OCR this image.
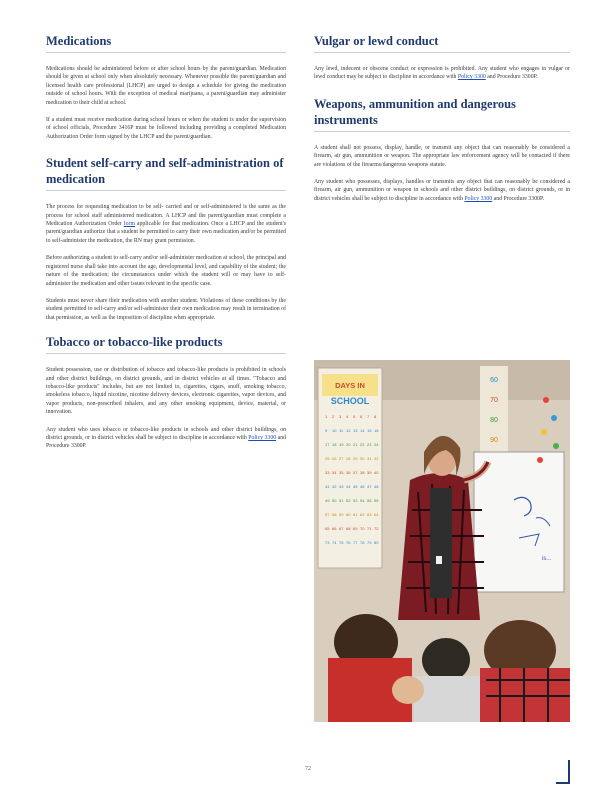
Medications

Medications should be administered before or after school hours by the parent/guardian. Medication should be given at school only when absolutely necessary. Whenever possible the parent/guardian and licensed health care professional (LHCP) are urged to design a schedule for giving the medication outside of school hours. With the exception of medical marijuana, a parent/guardian may administer medication to their child at school.

If a student must receive medication during school hours or when the student is under the supervision of school officials, Procedure 3416P must be followed including providing a completed Medication Authorization Order form signed by the LHCP and the parent/guardian.

Student self-carry and self-administration of medication

The process for requesting medication to be self- carried and or self-administered is the same as the process for school staff administered medication. A LHCP and the parent/guardian must complete a Medication Authorization Order form applicable for that medication. Once a LHCP and the student's parent/guardian authorize that a student be permitted to carry their own medication and/or be permitted to self-administer the medication, the RN may grant permission.

Before authorizing a student to self-carry and/or self-administer medication at school, the principal and registered nurse shall take into account the age, developmental level, and capability of the student; the nature of the medication; the circumstances under which the student will or may have to self-administer the medication and other issues relevant in the specific case.

Students must never share their medication with another student. Violations of these conditions by the student permitted to self-carry and/or self-administer their own medication may result in termination of that permission, as well as the imposition of discipline when appropriate.

Tobacco or tobacco-like products

Student possession, use or distribution of tobacco and tobacco-like products is prohibited in schools and other district buildings, on district grounds, and in district vehicles at all times. "Tobacco and tobacco-like products" includes, but are not limited to, cigarettes, cigars, snuff, smoking tobacco, smokeless tobacco, liquid nicotine, nicotine delivery devices, electronic cigarettes, vapor devices, and vapor products, non-prescribed inhalers, and any other smoking equipment, device, material, or innovation.

Any student who uses tobacco or tobacco-like products in schools and other district buildings, on district grounds, or in district vehicles shall be subject to discipline in accordance with Policy 3300 and Procedure 3300P.

Vulgar or lewd conduct

Any lewd, indecent or obscene conduct or expression is prohibited. Any student who engages in vulgar or lewd conduct may be subject to discipline in accordance with Policy 3300 and Procedure 3300P.

Weapons, ammunition and dangerous instruments

A student shall not possess, display, handle, or transmit any object that can reasonably be considered a firearm, air gun, ammunition or weapon. The appropriate law enforcement agency will be contacted if there are violations of the firearms/dangerous weapons statute.

Any student who possesses, displays, handles or transmits any object that can reasonably be considered a firearm, air gun, ammunition or weapon in schools and other district buildings, on district grounds, or in district vehicles shall be subject to discipline in accordance with Policy 3300 and Procedure 3300P.

DAYS IN
SCHOOL
1 2 3 4 5 6 7 8
9 10 11 12 13 14 15 16
17 18 19 20 21 22 23 24
25 26 27 28 29 30 31 32
33 34 35 36 37 38 39 40
41 42 43 44 45 46 47 48
49 50 51 52 53 54 55 56
57 58 59 60 61 62 63 64
65 66 67 68 69 70 71 72
73 74 75 76 77 78 79 80
60
70
80
90
is...
72
